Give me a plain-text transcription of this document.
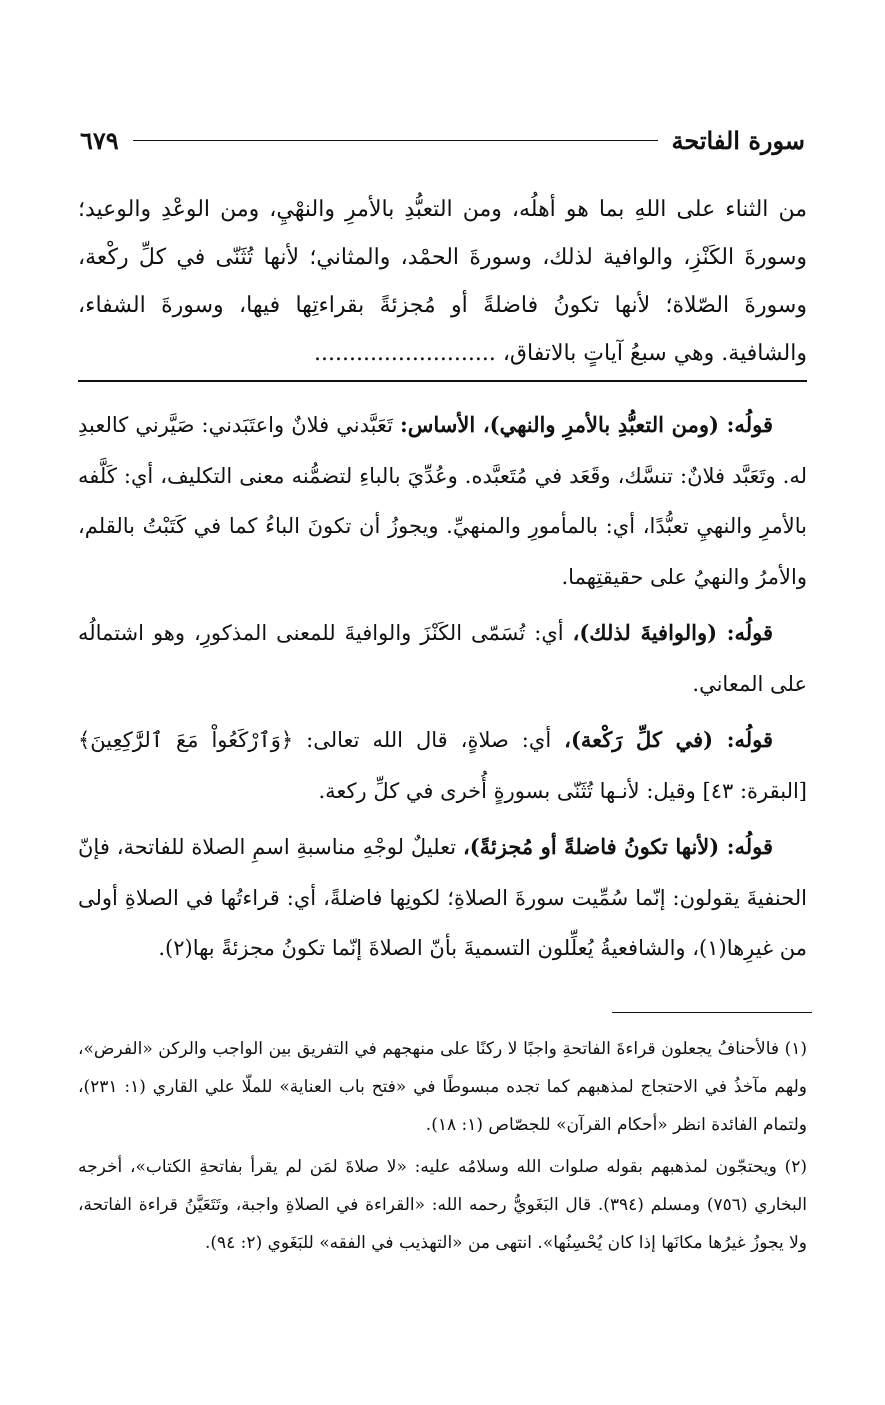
سورة الفاتحة
٦٧٩
من الثناء على اللهِ بما هو أهلُه، ومن التعبُّدِ بالأمرِ والنهْيِ، ومن الوعْدِ والوعيد؛ وسورةَ الكَنْزِ، والوافية لذلك، وسورةَ الحمْد، والمثاني؛ لأنها تُثَنّى في كلِّ ركْعة، وسورةَ الصّلاة؛ لأنها تكونُ فاضلةً أو مُجزئةً بقراءتِها فيها، وسورةَ الشفاء، والشافية. وهي سبعُ آياتٍ بالاتفاق، ..........................

قولُه: (ومن التعبُّدِ بالأمرِ والنهي)، الأساس: تَعَبَّدني فلانٌ واعتَبَدني: صَيَّرني كالعبدِ له. وتَعَبَّد فلانٌ: تنسَّك، وقَعَد في مُتَعبَّده. وعُدِّيَ بالباءِ لتضمُّنه معنى التكليف، أي: كَلَّفه بالأمرِ والنهيِ تعبُّدًا، أي: بالمأمورِ والمنهيِّ. ويجوزُ أن تكونَ الباءُ كما في كَتَبْتُ بالقلم، والأمرُ والنهيُ على حقيقتِهما.

قولُه: (والوافيةَ لذلك)، أي: تُسَمّى الكَنْزَ والوافيةَ للمعنى المذكورِ، وهو اشتمالُه على المعاني.

قولُه: (في كلِّ رَكْعة)، أي: صلاةٍ، قال الله تعالى: ﴿وَٱرْكَعُواْ مَعَ ٱلرَّٰكِعِينَ﴾ [البقرة: ٤٣] وقيل: لأنـها تُثَنّى بسورةٍ أُخرى في كلِّ ركعة.

قولُه: (لأنها تكونُ فاضلةً أو مُجزئةً)، تعليلٌ لوجْهِ مناسبةِ اسمِ الصلاة للفاتحة، فإنّ الحنفيةَ يقولون: إنّما سُمِّيت سورةَ الصلاةِ؛ لكونِها فاضلةً، أي: قراءتُها في الصلاةِ أولى من غيرِها(١)، والشافعيةُ يُعلِّلون التسميةَ بأنّ الصلاةَ إنّما تكونُ مجزئةً بها(٢).

(١) فالأحنافُ يجعلون قراءةَ الفاتحةِ واجبًا لا ركنًا على منهجهم في التفريق بين الواجب والركن «الفرض»، ولهم مآخذُ في الاحتجاج لمذهبهم كما تجده مبسوطًا في «فتح باب العناية» للملّا علي القاري (١: ٢٣١)، ولتمام الفائدة انظر «أحكام القرآن» للجصّاص (١: ١٨).

(٢) ويحتجّون لمذهبهم بقوله صلوات الله وسلامُه عليه: «لا صلاةَ لمَن لم يقرأ بفاتحةِ الكتاب»، أخرجه البخاري (٧٥٦) ومسلم (٣٩٤). قال البَغَويُّ رحمه الله: «القراءة في الصلاةِ واجبة، وتَتَعَيَّنُ قراءة الفاتحة، ولا يجوزُ غيرُها مكانَها إذا كان يُحْسِنُها». انتهى من «التهذيب في الفقه» للبَغَوي (٢: ٩٤).
